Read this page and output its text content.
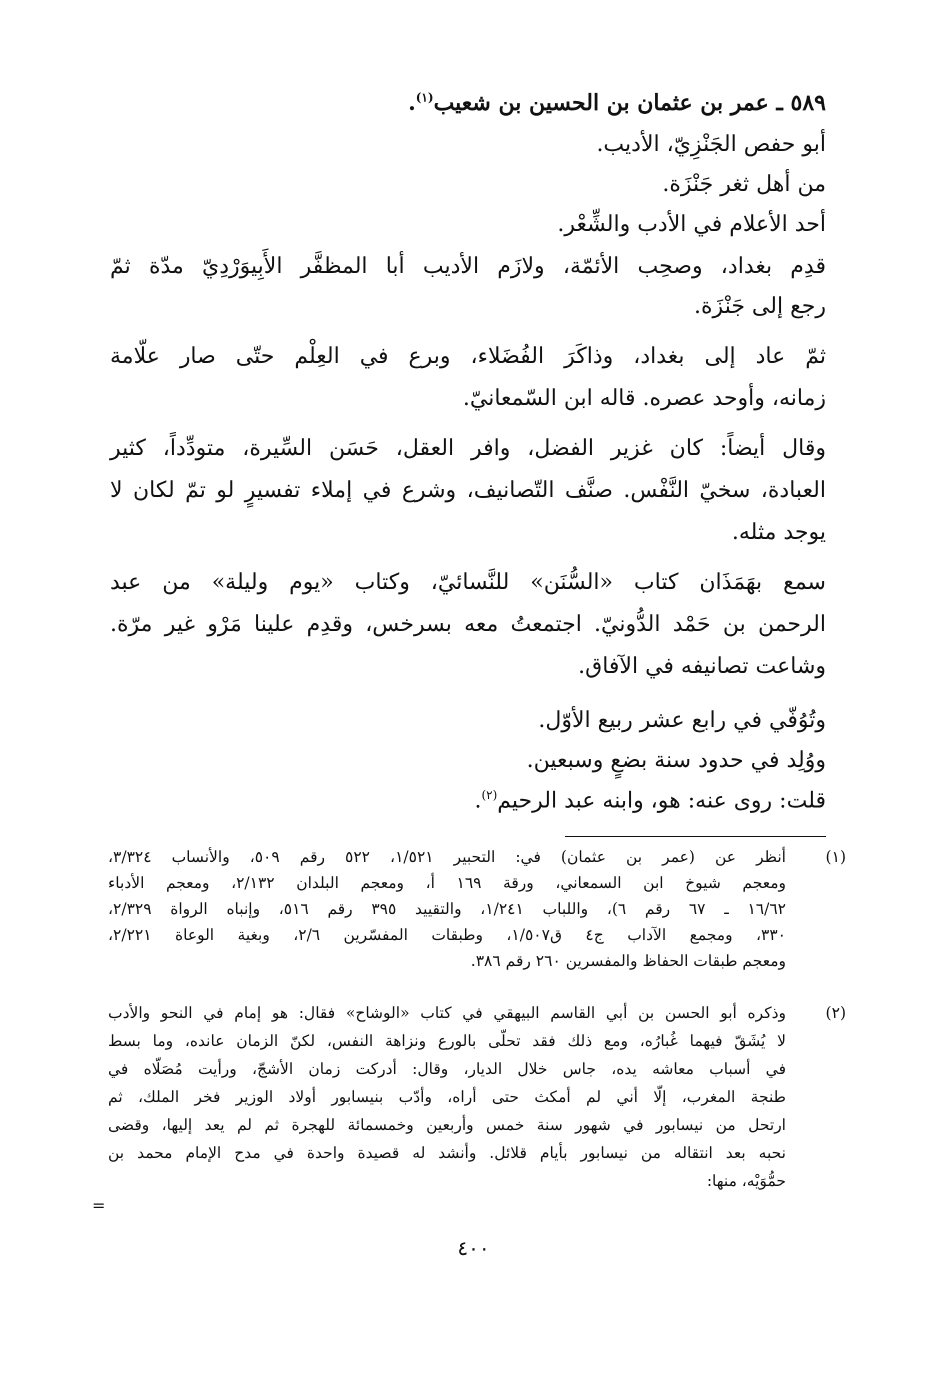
٥٨٩ ـ عمر بن عثمان بن الحسين بن شعيب$^{(١)}$.
أبو حفص الجَنْزِيّ، الأديب.
من أهل ثغر جَنْزَة.
أحد الأعلام في الأدب والشِّعْر.
قدِم بغداد، وصحِب الأئمّة، ولازَم الأديب أبا المظفَّر الأَبِيوَرْدِيّ مدّة ثمّ
رجع إلى جَنْزَة.
ثمّ عاد إلى بغداد، وذاكَرَ الفُضَلاء، وبرع في العِلْم حتّى صار علّامة
زمانه، وأوحد عصره. قاله ابن السّمعانيّ.
وقال أيضاً: كان غزير الفضل، وافر العقل، حَسَن السِّيرة، متودِّداً، كثير
العبادة، سخيّ النَّفْس. صنَّف التّصانيف، وشرع في إملاء تفسيرٍ لو تمّ لكان لا
يوجد مثله.
سمع بهَمَذَان كتاب «السُّنَن» للنَّسائيّ، وكتاب «يوم وليلة» من عبد
الرحمن بن حَمْد الدُّونيّ. اجتمعتُ معه بسرخس، وقدِم علينا مَرْو غير مرّة.
وشاعت تصانيفه في الآفاق.
وتُوُفّي في رابع عشر ربيع الأوّل.
ووُلِد في حدود سنة بضعٍ وسبعين.
قلت: روى عنه: هو، وابنه عبد الرحيم$^{(٢)}$.
(١)
أنظر عن (عمر بن عثمان) في: التحبير ١/٥٢١، ٥٢٢ رقم ٥٠٩، والأنساب ٣/٣٢٤،
ومعجم شيوخ ابن السمعاني، ورقة ١٦٩ أ، ومعجم البلدان ٢/١٣٢، ومعجم الأدباء
١٦/٦٢ ـ ٦٧ رقم ٦)، واللباب ١/٢٤١، والتقييد ٣٩٥ رقم ٥١٦، وإنباه الرواة ٢/٣٢٩،
٣٣٠، ومجمع الآداب ج٤ ق١/٥٠٧، وطبقات المفسّرين ٢/٦، وبغية الوعاة ٢/٢٢١،
ومعجم طبقات الحفاظ والمفسرين ٢٦٠ رقم ٣٨٦.
(٢)
وذكره أبو الحسن بن أبي القاسم البيهقي في كتاب «الوشاح» فقال: هو إمام في النحو والأدب
لا يُشَقّ فيهما غُبارُه، ومع ذلك فقد تحلّى بالورع ونزاهة النفس، لكنّ الزمان عانده، وما بسط
في أسباب معاشه يده، جاس خلال الديار، وقال: أدركت زمان الأشجّ، ورأيت مُصَلّاه في
طنجة المغرب، إلّا أني لم أمكث حتى أراه، وأدّب بنيسابور أولاد الوزير فخر الملك، ثم
ارتحل من نيسابور في شهور سنة خمس وأربعين وخمسمائة للهجرة ثم لم يعد إليها، وقضى
نحبه بعد انتقاله من نيسابور بأيام قلائل. وأنشد له قصيدة واحدة في مدح الإمام محمد بن
حمُّوَيْه، منها:
=
٤٠٠
